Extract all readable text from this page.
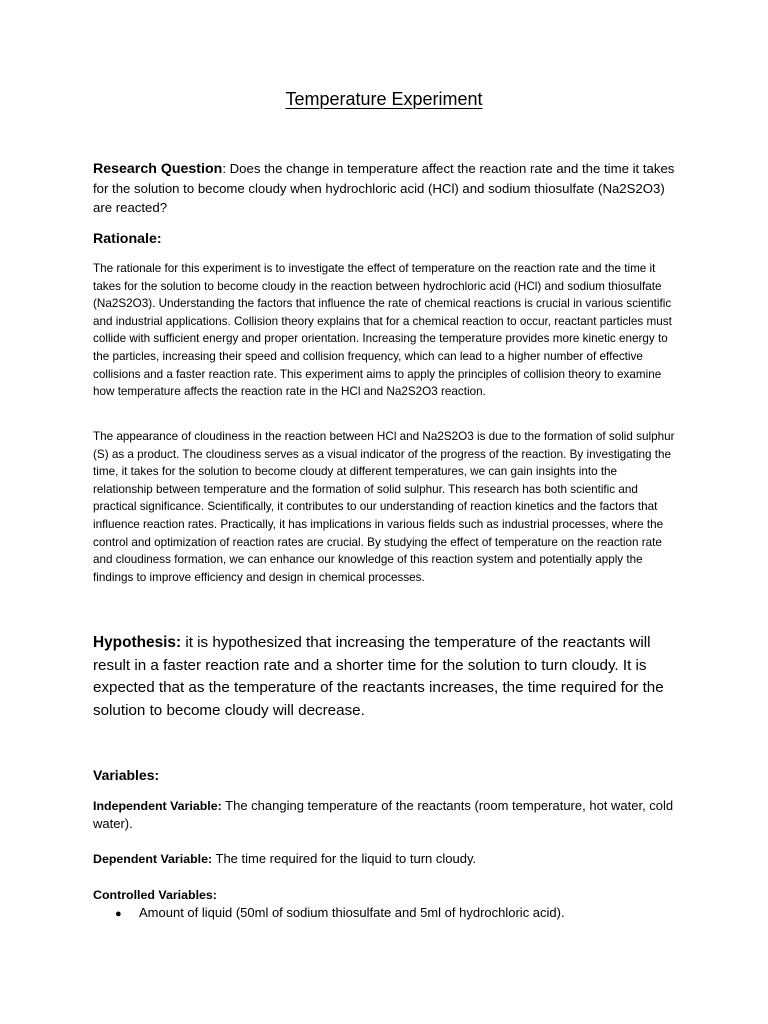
Temperature Experiment
Research Question: Does the change in temperature affect the reaction rate and the time it takes for the solution to become cloudy when hydrochloric acid (HCl) and sodium thiosulfate (Na2S2O3) are reacted?
Rationale:
The rationale for this experiment is to investigate the effect of temperature on the reaction rate and the time it takes for the solution to become cloudy in the reaction between hydrochloric acid (HCl) and sodium thiosulfate (Na2S2O3). Understanding the factors that influence the rate of chemical reactions is crucial in various scientific and industrial applications. Collision theory explains that for a chemical reaction to occur, reactant particles must collide with sufficient energy and proper orientation. Increasing the temperature provides more kinetic energy to the particles, increasing their speed and collision frequency, which can lead to a higher number of effective collisions and a faster reaction rate. This experiment aims to apply the principles of collision theory to examine how temperature affects the reaction rate in the HCl and Na2S2O3 reaction.
The appearance of cloudiness in the reaction between HCl and Na2S2O3 is due to the formation of solid sulphur (S) as a product. The cloudiness serves as a visual indicator of the progress of the reaction. By investigating the time, it takes for the solution to become cloudy at different temperatures, we can gain insights into the relationship between temperature and the formation of solid sulphur. This research has both scientific and practical significance. Scientifically, it contributes to our understanding of reaction kinetics and the factors that influence reaction rates. Practically, it has implications in various fields such as industrial processes, where the control and optimization of reaction rates are crucial. By studying the effect of temperature on the reaction rate and cloudiness formation, we can enhance our knowledge of this reaction system and potentially apply the findings to improve efficiency and design in chemical processes.
Hypothesis: it is hypothesized that increasing the temperature of the reactants will result in a faster reaction rate and a shorter time for the solution to turn cloudy. It is expected that as the temperature of the reactants increases, the time required for the solution to become cloudy will decrease.
Variables:
Independent Variable: The changing temperature of the reactants (room temperature, hot water, cold water).
Dependent Variable: The time required for the liquid to turn cloudy.
Controlled Variables:
● Amount of liquid (50ml of sodium thiosulfate and 5ml of hydrochloric acid).
